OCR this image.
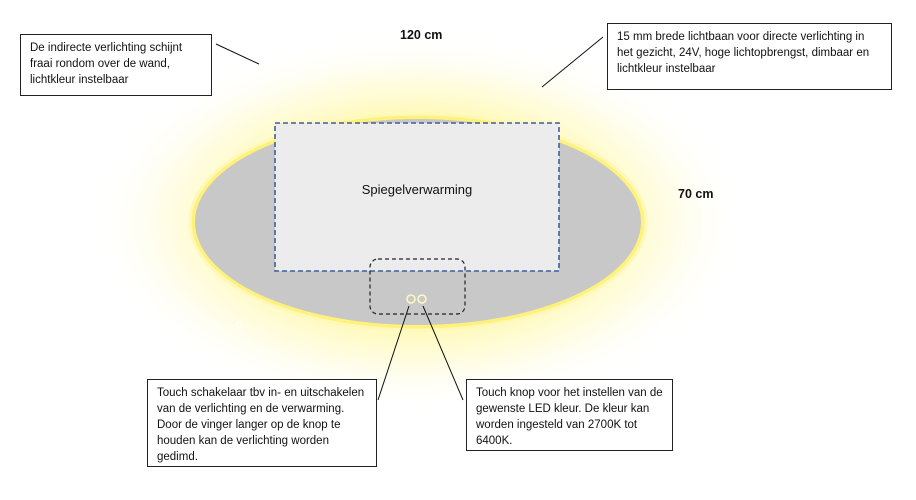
120 cm
70 cm
Spiegelverwarming
De indirecte verlichting schijnt fraai rondom over de wand, lichtkleur instelbaar
15 mm brede lichtbaan voor directe verlichting in het gezicht, 24V, hoge lichtopbrengst, dimbaar en lichtkleur instelbaar
Touch schakelaar tbv in- en uitschakelen van de verlichting en de verwarming. Door de vinger langer op de knop te houden kan de verlichting worden gedimd.
Touch knop voor het instellen van de gewenste LED kleur. De kleur kan worden ingesteld van 2700K tot 6400K.
